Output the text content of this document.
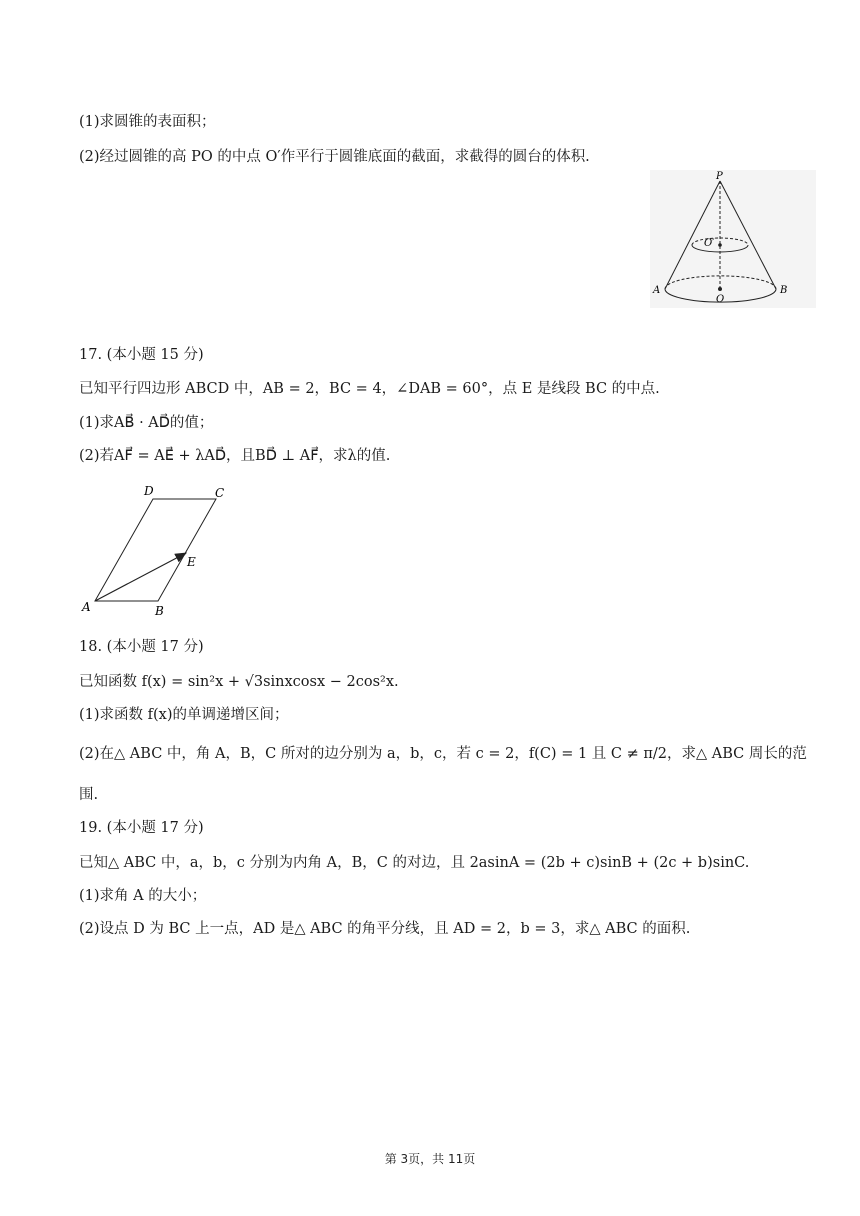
(1)求圆锥的表面积；
(2)经过圆锥的高 PO 的中点 O′作平行于圆锥底面的截面，求截得的圆台的体积.
P
O′
A
O
B
17. (本小题 15 分)
已知平行四边形 ABCD 中，AB = 2，BC = 4，∠DAB = 60°，点 E 是线段 BC 的中点.
(1)求AB⃗ · AD⃗的值；
(2)若AF⃗ = AE⃗ + λAD⃗，且BD⃗ ⊥ AF⃗，求λ的值.
A	B
C
D
E
18. (本小题 17 分)
已知函数 f(x) = sin²x + √3sinxcosx − 2cos²x.
(1)求函数 f(x)的单调递增区间；
(2)在△ ABC 中，角 A，B，C 所对的边分别为 a，b，c，若 c = 2，f(C) = 1 且 C ≠ π/2，求△ ABC 周长的范
围.
19. (本小题 17 分)
已知△ ABC 中，a，b，c 分别为内角 A，B，C 的对边，且 2asinA = (2b + c)sinB + (2c + b)sinC.
(1)求角 A 的大小；
(2)设点 D 为 BC 上一点，AD 是△ ABC 的角平分线，且 AD = 2，b = 3，求△ ABC 的面积.
第 3页，共 11页
